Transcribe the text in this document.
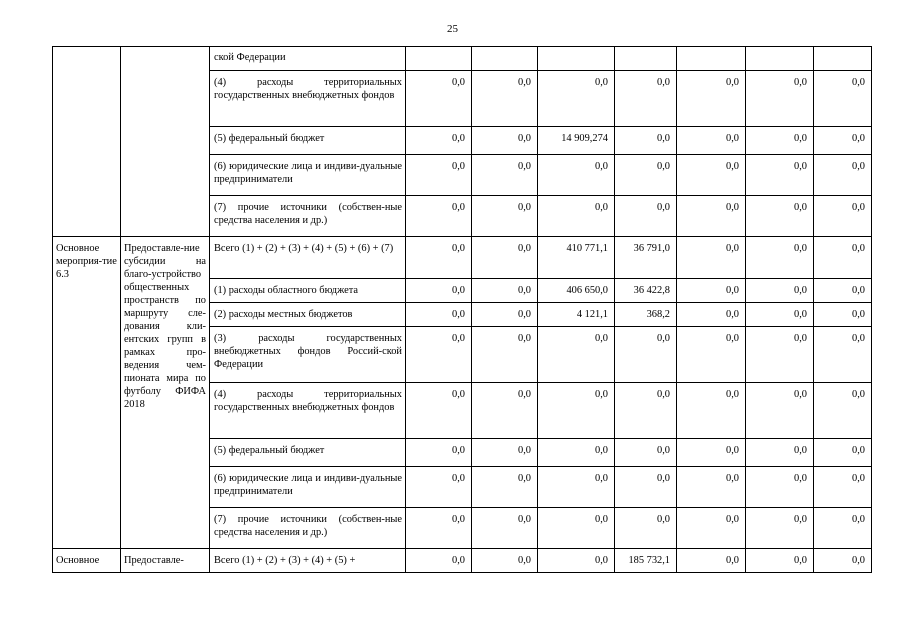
25
		ской Федерации							
		(4) расходы территориальных государственных внебюджетных фондов	0,0	0,0	0,0	0,0	0,0	0,0	0,0
		(5) федеральный бюджет	0,0	0,0	14 909,274	0,0	0,0	0,0	0,0
		(6) юридические лица и индиви-дуальные предприниматели	0,0	0,0	0,0	0,0	0,0	0,0	0,0
		(7) прочие источники (собствен-ные средства населения и др.)	0,0	0,0	0,0	0,0	0,0	0,0	0,0
Основное мероприя-тие 6.3	Предоставле-ние субсидии на благо-устройство общественных пространств по маршруту сле-дования кли-ентских групп в рамках про-ведения чем-пионата мира по футболу ФИФА 2018	Всего (1) + (2) + (3) + (4) + (5) + (6) + (7)	0,0	0,0	410 771,1	36 791,0	0,0	0,0	0,0
		(1) расходы областного бюджета	0,0	0,0	406 650,0	36 422,8	0,0	0,0	0,0
		(2) расходы местных бюджетов	0,0	0,0	4 121,1	368,2	0,0	0,0	0,0
		(3) расходы государственных внебюджетных фондов Россий-ской Федерации	0,0	0,0	0,0	0,0	0,0	0,0	0,0
		(4) расходы территориальных государственных внебюджетных фондов	0,0	0,0	0,0	0,0	0,0	0,0	0,0
		(5) федеральный бюджет	0,0	0,0	0,0	0,0	0,0	0,0	0,0
		(6) юридические лица и индиви-дуальные предприниматели	0,0	0,0	0,0	0,0	0,0	0,0	0,0
		(7) прочие источники (собствен-ные средства населения и др.)	0,0	0,0	0,0	0,0	0,0	0,0	0,0
Основное	Предоставле-	Всего (1) + (2) + (3) + (4) + (5) +	0,0	0,0	0,0	185 732,1	0,0	0,0	0,0
